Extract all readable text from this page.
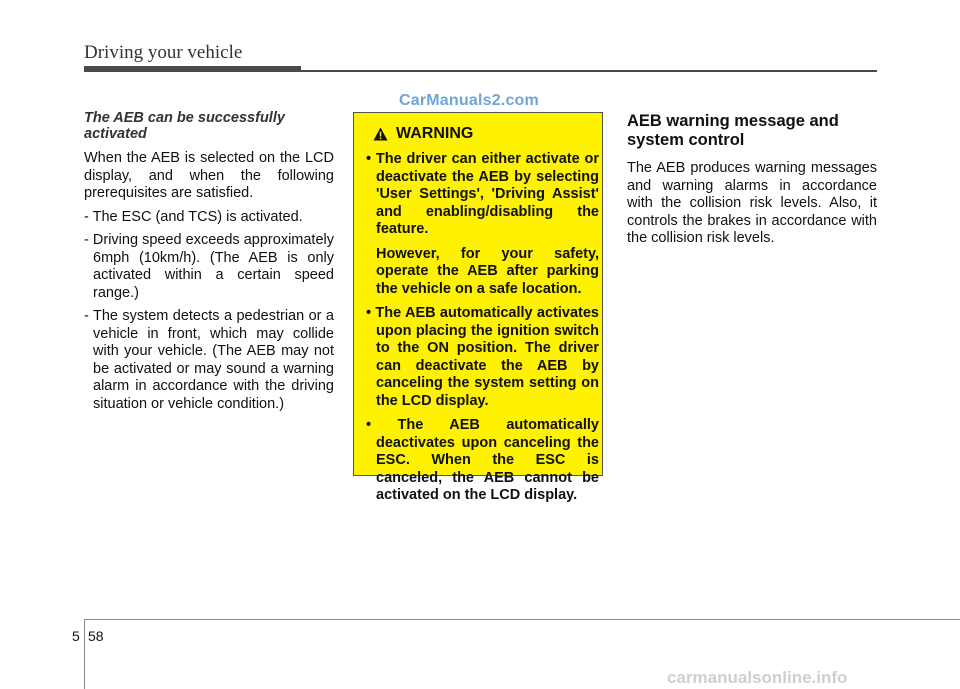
Driving your vehicle
CarManuals2.com

The AEB can be successfully activated

When the AEB is selected on the LCD display, and when the following prerequisites are satisfied.

- The ESC (and TCS) is activated.

- Driving speed exceeds approximately 6mph (10km/h). (The AEB is only activated within a certain speed range.)

- The system detects a pedestrian or a vehicle in front, which may collide with your vehicle. (The AEB may not be activated or may sound a warning alarm in accordance with the driving situation or vehicle condition.)

WARNING
• The driver can either activate or deactivate the AEB by selecting 'User Settings', 'Driving Assist' and enabling/disabling the feature.
However, for your safety, operate the AEB after parking the vehicle on a safe location.
• The AEB automatically activates upon placing the ignition switch to the ON position. The driver can deactivate the AEB by canceling the system setting on the LCD display.
• The AEB automatically deactivates upon canceling the ESC. When the ESC is canceled, the AEB cannot be activated on the LCD display.
AEB warning message and system control

The AEB produces warning messages and warning alarms in accordance with the collision risk levels. Also, it controls the brakes in accordance with the collision risk levels.

5 58
carmanualsonline.info
